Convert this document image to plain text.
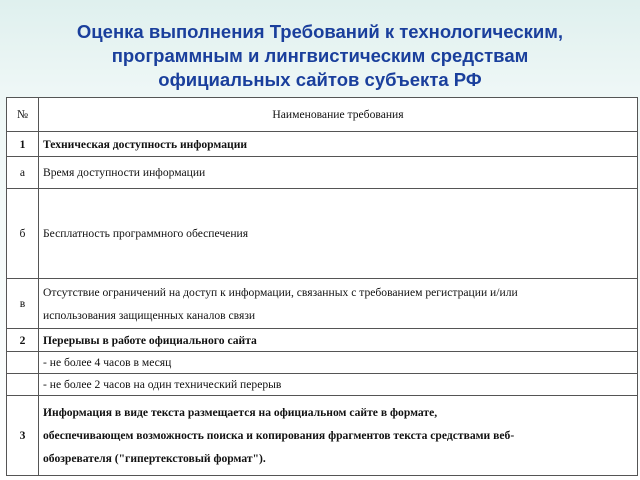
Оценка выполнения Требований к технологическим,
программным и лингвистическим средствам
официальных сайтов субъекта РФ
№	Наименование требования
1	Техническая доступность информации
а	Время доступности информации
б	Бесплатность программного обеспечения
в	Отсутствие ограничений на доступ к информации, связанных с требованием регистрации и/или
использования защищенных каналов связи

2	Перерывы в работе официального сайта
	- не более 4 часов в месяц
	- не более 2 часов на один технический перерыв
3	Информация в виде текста размещается на официальном сайте в формате,
обеспечивающем возможность поиска и копирования фрагментов текста средствами веб-
обозревателя ("гипертекстовый формат").
